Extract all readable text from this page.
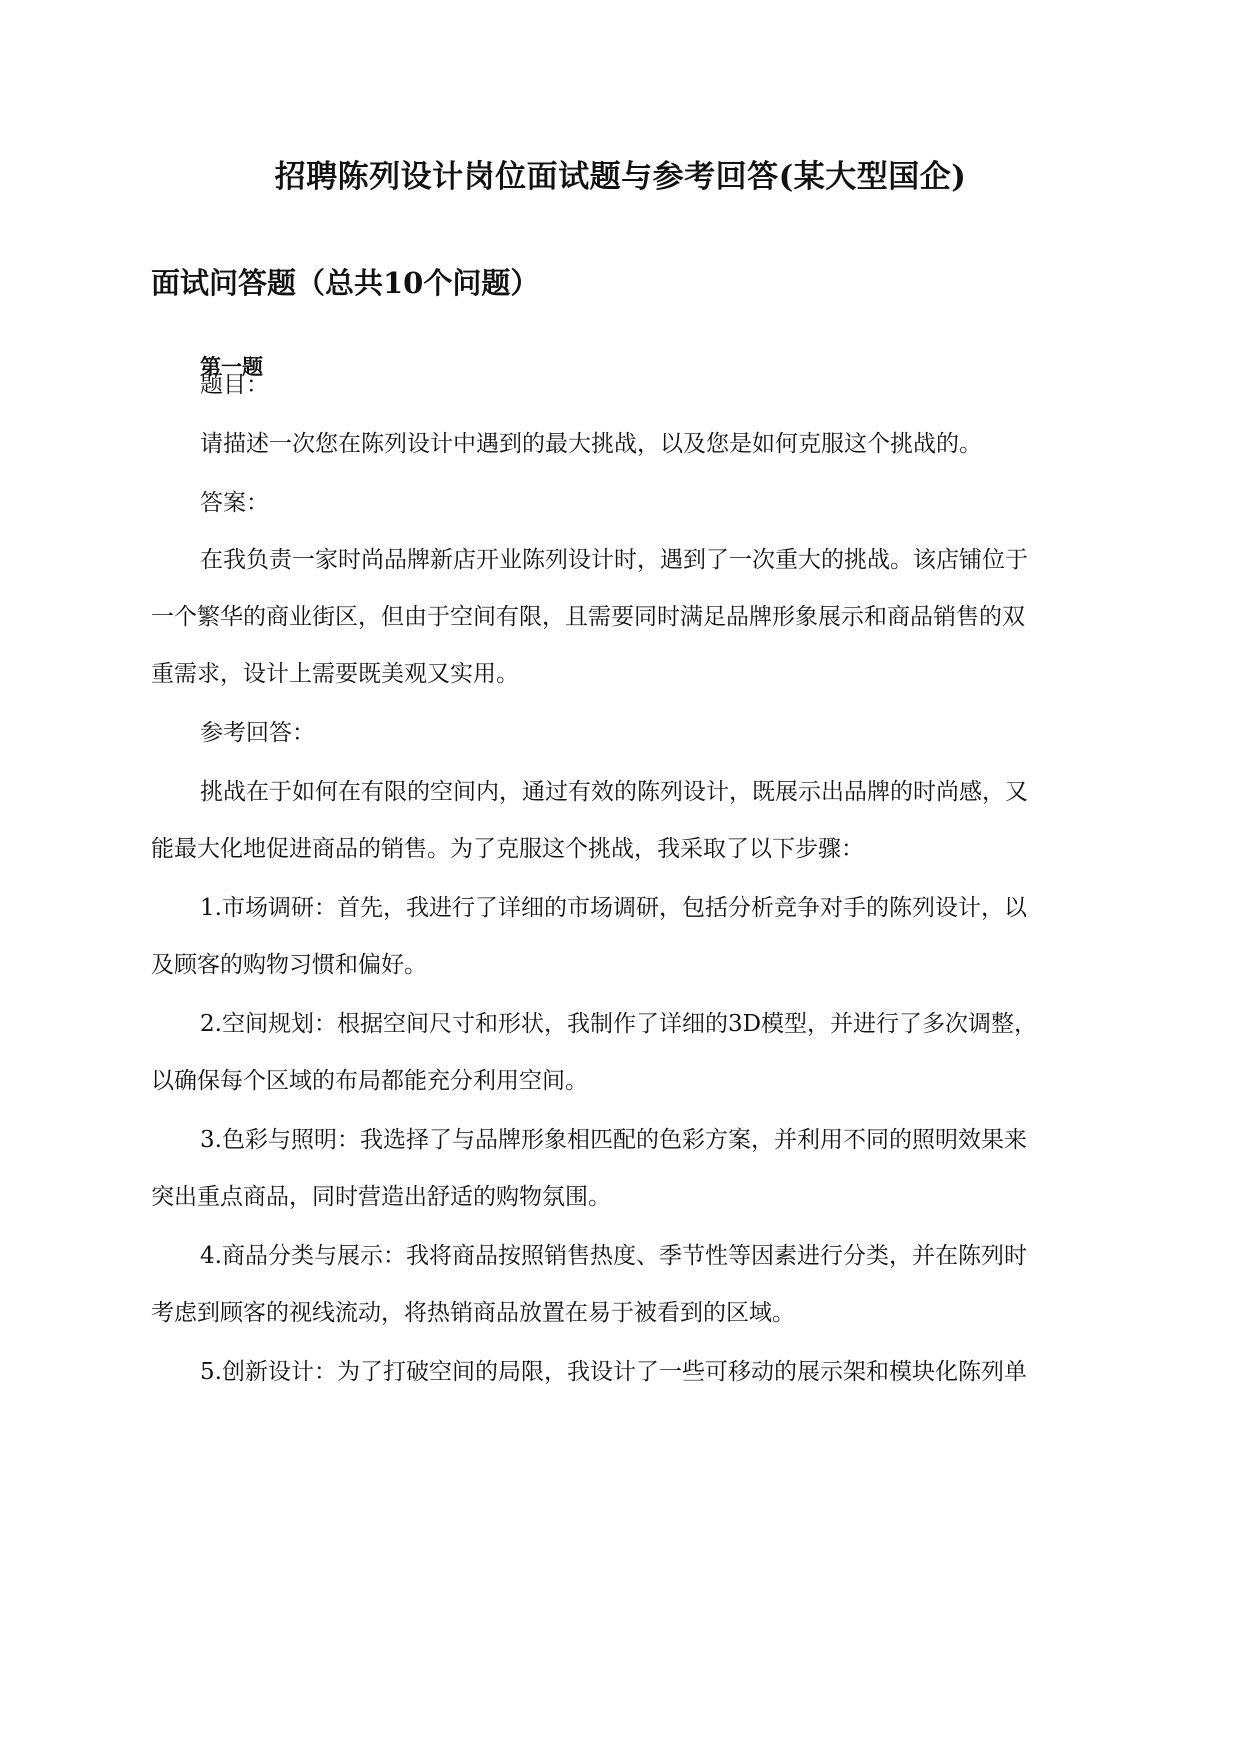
招聘陈列设计岗位面试题与参考回答(某大型国企)
面试问答题（总共10个问题）
第一题
题目：
请描述一次您在陈列设计中遇到的最大挑战，以及您是如何克服这个挑战的。
答案：
在我负责一家时尚品牌新店开业陈列设计时，遇到了一次重大的挑战。该店铺位于
一个繁华的商业街区，但由于空间有限，且需要同时满足品牌形象展示和商品销售的双
重需求，设计上需要既美观又实用。
参考回答：
挑战在于如何在有限的空间内，通过有效的陈列设计，既展示出品牌的时尚感，又
能最大化地促进商品的销售。为了克服这个挑战，我采取了以下步骤：
1.市场调研：首先，我进行了详细的市场调研，包括分析竞争对手的陈列设计，以
及顾客的购物习惯和偏好。
2.空间规划：根据空间尺寸和形状，我制作了详细的3D模型，并进行了多次调整，
以确保每个区域的布局都能充分利用空间。
3.色彩与照明：我选择了与品牌形象相匹配的色彩方案，并利用不同的照明效果来
突出重点商品，同时营造出舒适的购物氛围。
4.商品分类与展示：我将商品按照销售热度、季节性等因素进行分类，并在陈列时
考虑到顾客的视线流动，将热销商品放置在易于被看到的区域。
5.创新设计：为了打破空间的局限，我设计了一些可移动的展示架和模块化陈列单
